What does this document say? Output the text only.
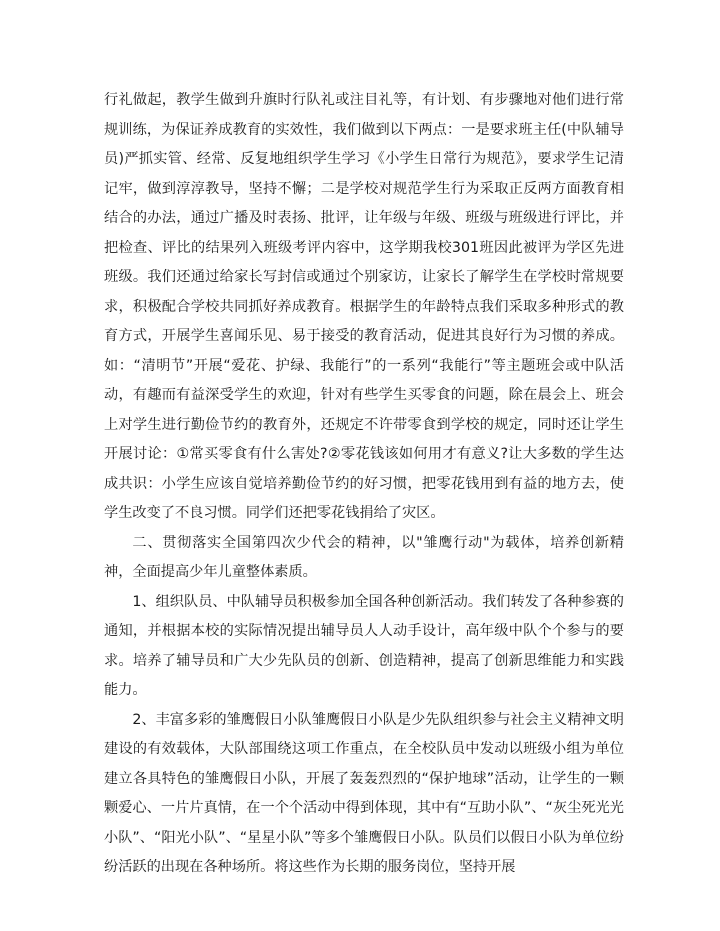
行礼做起，教学生做到升旗时行队礼或注目礼等，有计划、有步骤地对他们进行常规训练，为保证养成教育的实效性，我们做到以下两点：一是要求班主任(中队辅导员)严抓实管、经常、反复地组织学生学习《小学生日常行为规范》，要求学生记清记牢，做到淳淳教导，坚持不懈；二是学校对规范学生行为采取正反两方面教育相结合的办法，通过广播及时表扬、批评，让年级与年级、班级与班级进行评比，并把检查、评比的结果列入班级考评内容中，这学期我校301班因此被评为学区先进班级。我们还通过给家长写封信或通过个别家访，让家长了解学生在学校时常规要求，积极配合学校共同抓好养成教育。根据学生的年龄特点我们采取多种形式的教育方式，开展学生喜闻乐见、易于接受的教育活动，促进其良好行为习惯的养成。如：“清明节”开展“爱花、护绿、我能行”的一系列“我能行”等主题班会或中队活动，有趣而有益深受学生的欢迎，针对有些学生买零食的问题，除在晨会上、班会上对学生进行勤俭节约的教育外，还规定不许带零食到学校的规定，同时还让学生开展讨论：①常买零食有什么害处?②零花钱该如何用才有意义?让大多数的学生达成共识：小学生应该自觉培养勤俭节约的好习惯，把零花钱用到有益的地方去，使学生改变了不良习惯。同学们还把零花钱捐给了灾区。

二、贯彻落实全国第四次少代会的精神，以"雏鹰行动"为载体，培养创新精神，全面提高少年儿童整体素质。

1、组织队员、中队辅导员积极参加全国各种创新活动。我们转发了各种参赛的通知，并根据本校的实际情况提出辅导员人人动手设计，高年级中队个个参与的要求。培养了辅导员和广大少先队员的创新、创造精神，提高了创新思维能力和实践能力。

2、丰富多彩的雏鹰假日小队雏鹰假日小队是少先队组织参与社会主义精神文明建设的有效载体，大队部围绕这项工作重点，在全校队员中发动以班级小组为单位建立各具特色的雏鹰假日小队，开展了轰轰烈烈的“保护地球”活动，让学生的一颗颗爱心、一片片真情，在一个个活动中得到体现，其中有“互助小队”、“灰尘死光光小队”、“阳光小队”、“星星小队”等多个雏鹰假日小队。队员们以假日小队为单位纷纷活跃的出现在各种场所。将这些作为长期的服务岗位，坚持开展
